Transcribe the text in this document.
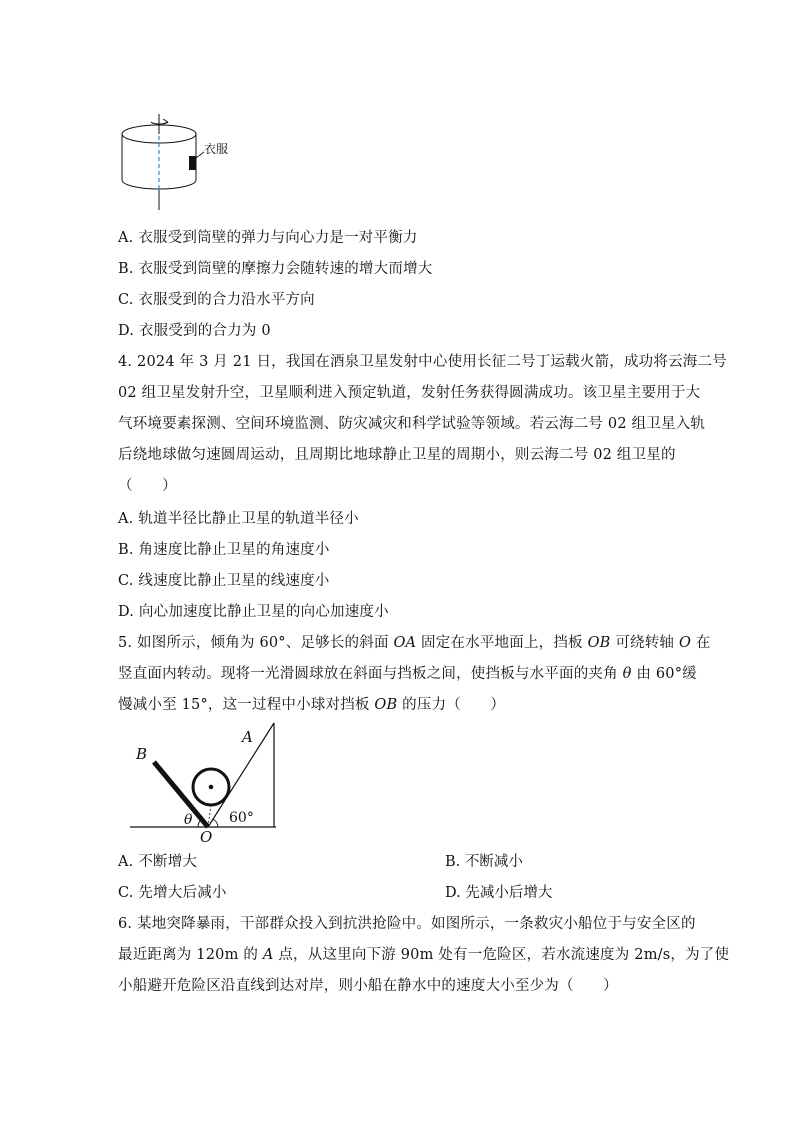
衣服
A. 衣服受到筒壁的弹力与向心力是一对平衡力
B. 衣服受到筒壁的摩擦力会随转速的增大而增大
C. 衣服受到的合力沿水平方向
D. 衣服受到的合力为 0
4. 2024 年 3 月 21 日，我国在酒泉卫星发射中心使用长征二号丁运载火箭，成功将云海二号
02 组卫星发射升空，卫星顺利进入预定轨道，发射任务获得圆满成功。该卫星主要用于大
气环境要素探测、空间环境监测、防灾减灾和科学试验等领域。若云海二号 02 组卫星入轨
后绕地球做匀速圆周运动，且周期比地球静止卫星的周期小，则云海二号 02 组卫星的
（　　）
A. 轨道半径比静止卫星的轨道半径小
B. 角速度比静止卫星的角速度小
C. 线速度比静止卫星的线速度小
D. 向心加速度比静止卫星的向心加速度小
5. 如图所示，倾角为 60°、足够长的斜面 OA 固定在水平地面上，挡板 OB 可绕转轴 O 在
竖直面内转动。现将一光滑圆球放在斜面与挡板之间，使挡板与水平面的夹角 θ 由 60°缓
慢减小至 15°，这一过程中小球对挡板 OB 的压力（　　）
B
A
O
θ	60°
A. 不断增大	B. 不断减小
C. 先增大后减小	D. 先减小后增大
6. 某地突降暴雨，干部群众投入到抗洪抢险中。如图所示，一条救灾小船位于与安全区的
最近距离为 120m 的 A 点，从这里向下游 90m 处有一危险区，若水流速度为 2m/s，为了使
小船避开危险区沿直线到达对岸，则小船在静水中的速度大小至少为（　　）
